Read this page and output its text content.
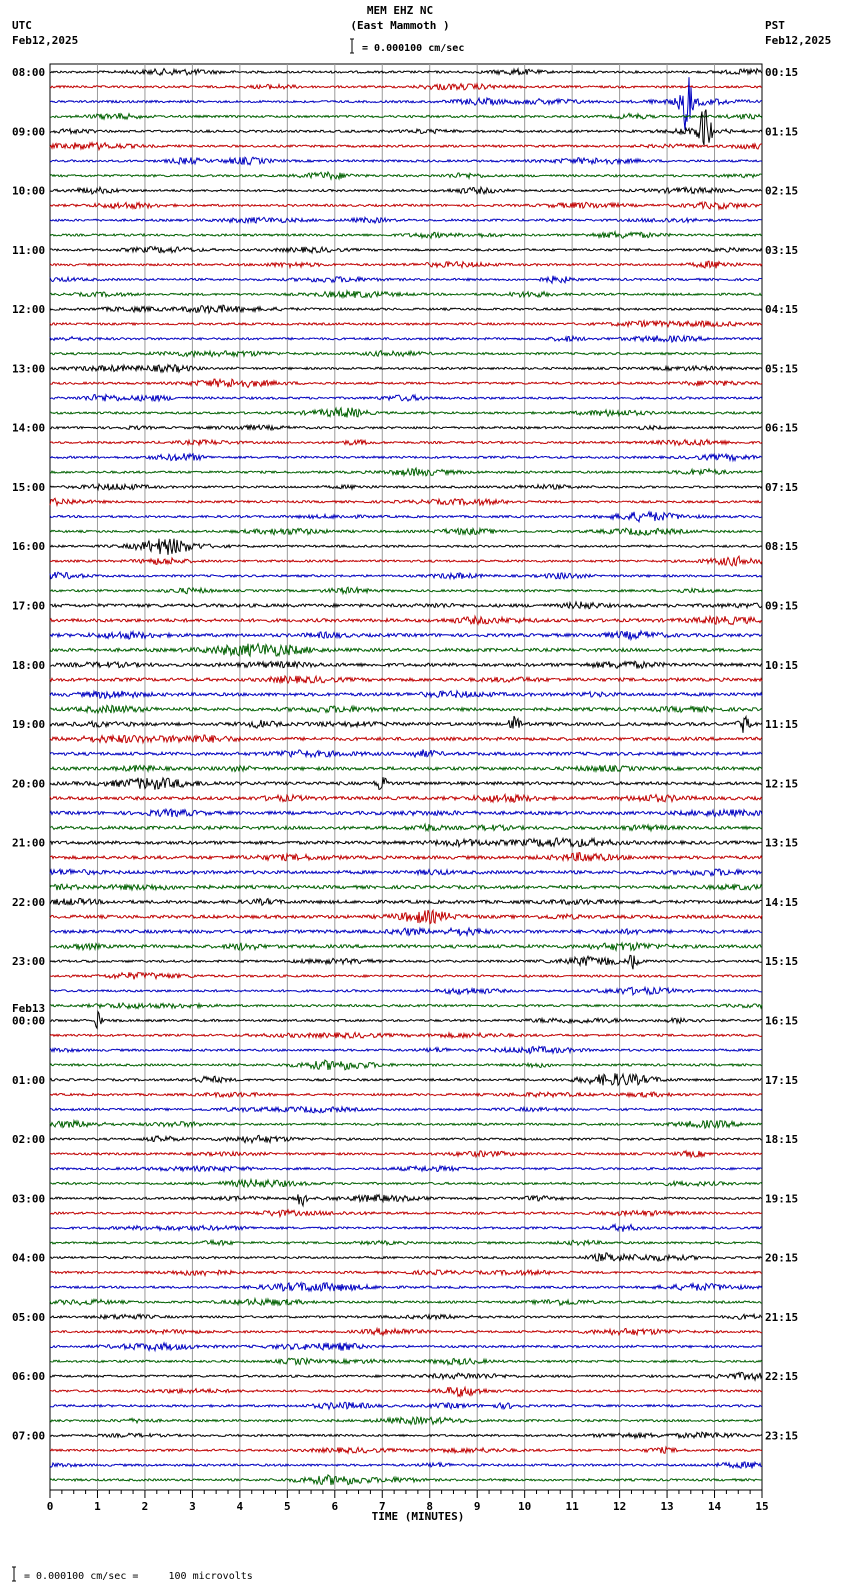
MEM EHZ NC
(East Mammoth )
= 0.000100 cm/sec
UTC
Feb12,2025
PST
Feb12,2025
Feb13
= 0.000100 cm/sec =     100 microvolts
08:00
09:00
10:00
11:00
12:00
13:00
14:00
15:00
16:00
17:00
18:00
19:00
20:00
21:00
22:00
23:00
00:00
01:00
02:00
03:00
04:00
05:00
06:00
07:00
00:15
01:15
02:15
03:15
04:15
05:15
06:15
07:15
08:15
09:15
10:15
11:15
12:15
13:15
14:15
15:15
16:15
17:15
18:15
19:15
20:15
21:15
22:15
23:15
0	1	2	3	4	5	6	7	8	9	10	11	12	13	14	15
TIME (MINUTES)
